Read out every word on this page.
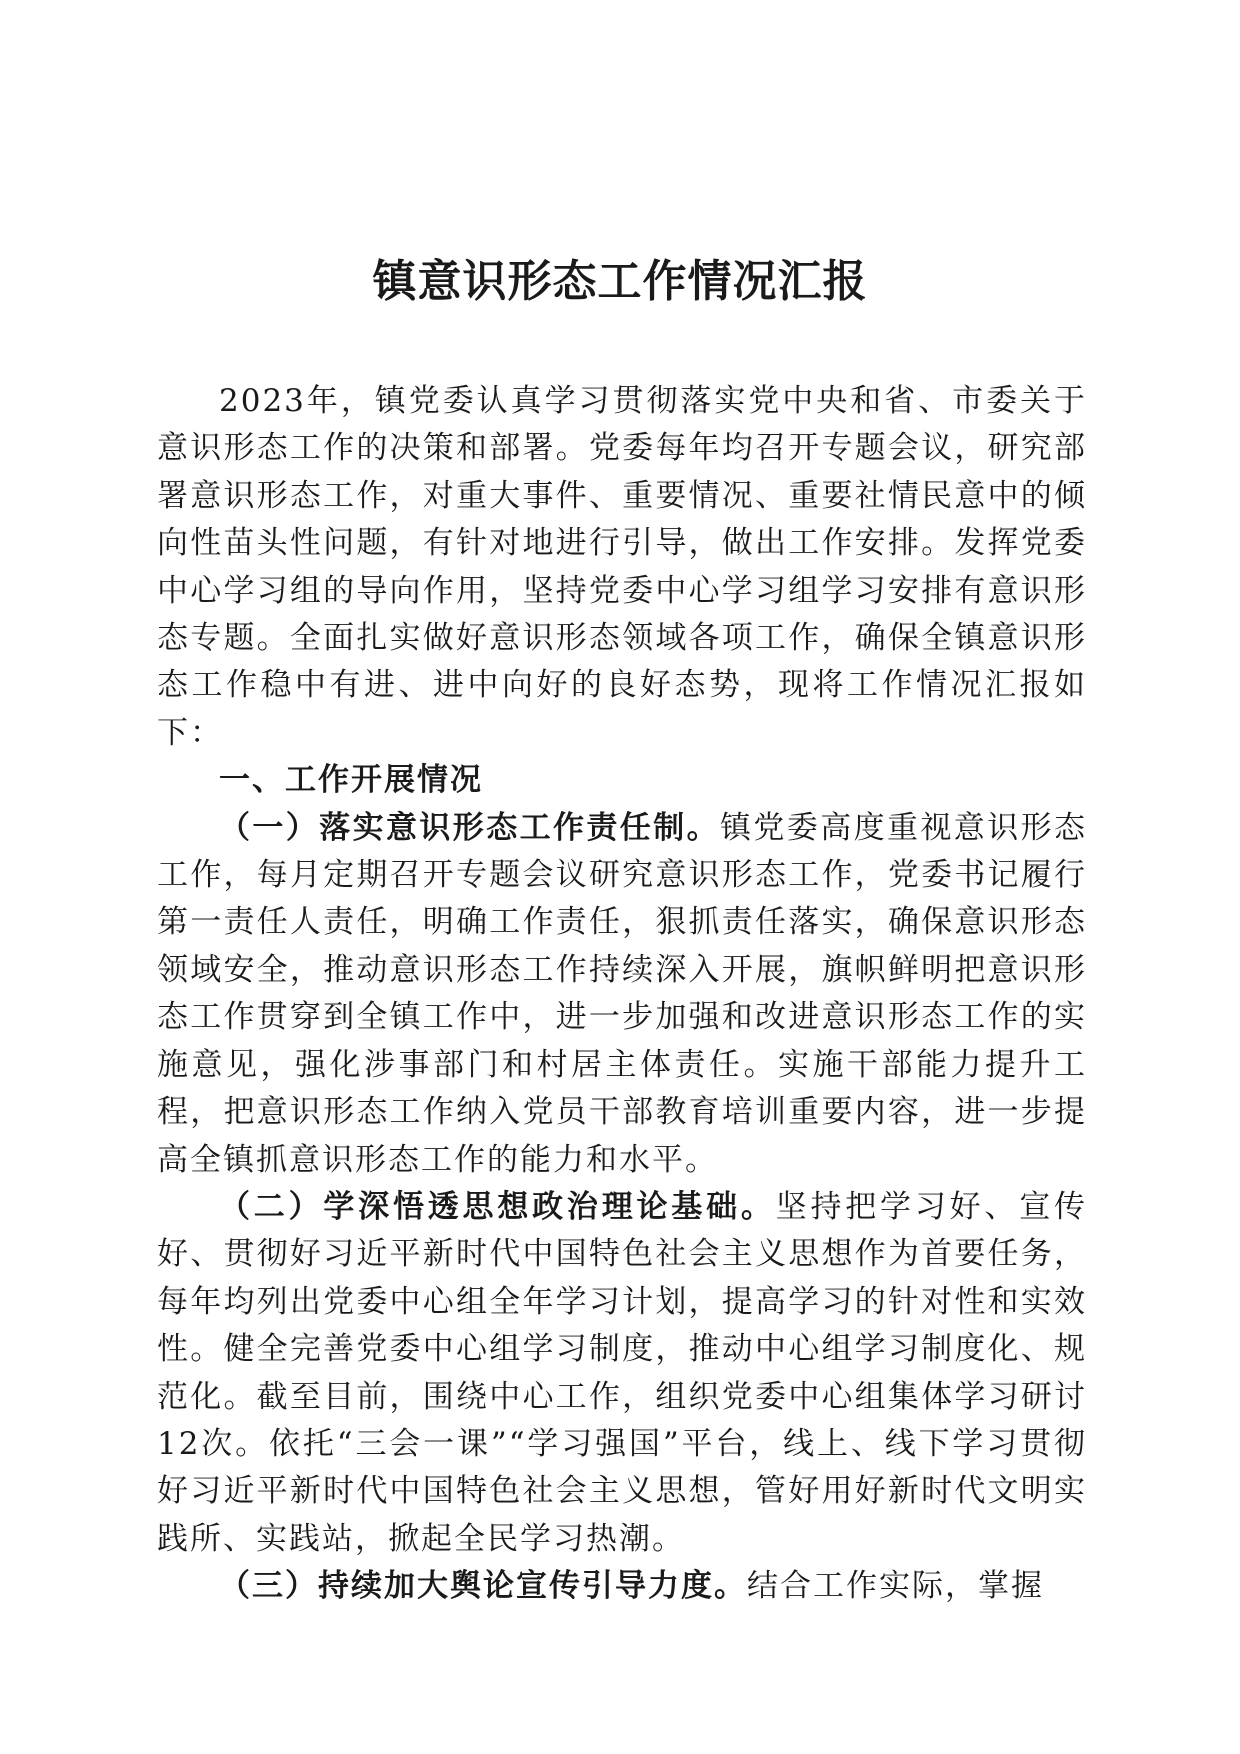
镇意识形态工作情况汇报

2023年，镇党委认真学习贯彻落实党中央和省、市委关于意识形态工作的决策和部署。党委每年均召开专题会议，研究部署意识形态工作，对重大事件、重要情况、重要社情民意中的倾向性苗头性问题，有针对地进行引导，做出工作安排。发挥党委中心学习组的导向作用，坚持党委中心学习组学习安排有意识形态专题。全面扎实做好意识形态领域各项工作，确保全镇意识形态工作稳中有进、进中向好的良好态势，现将工作情况汇报如下：

一、工作开展情况

（一）落实意识形态工作责任制。镇党委高度重视意识形态工作，每月定期召开专题会议研究意识形态工作，党委书记履行第一责任人责任，明确工作责任，狠抓责任落实，确保意识形态领域安全，推动意识形态工作持续深入开展，旗帜鲜明把意识形态工作贯穿到全镇工作中，进一步加强和改进意识形态工作的实施意见，强化涉事部门和村居主体责任。实施干部能力提升工程，把意识形态工作纳入党员干部教育培训重要内容，进一步提高全镇抓意识形态工作的能力和水平。

（二）学深悟透思想政治理论基础。坚持把学习好、宣传好、贯彻好习近平新时代中国特色社会主义思想作为首要任务，每年均列出党委中心组全年学习计划，提高学习的针对性和实效性。健全完善党委中心组学习制度，推动中心组学习制度化、规范化。截至目前，围绕中心工作，组织党委中心组集体学习研讨12次。依托“三会一课”“学习强国”平台，线上、线下学习贯彻好习近平新时代中国特色社会主义思想，管好用好新时代文明实践所、实践站，掀起全民学习热潮。

（三）持续加大舆论宣传引导力度。结合工作实际，掌握
